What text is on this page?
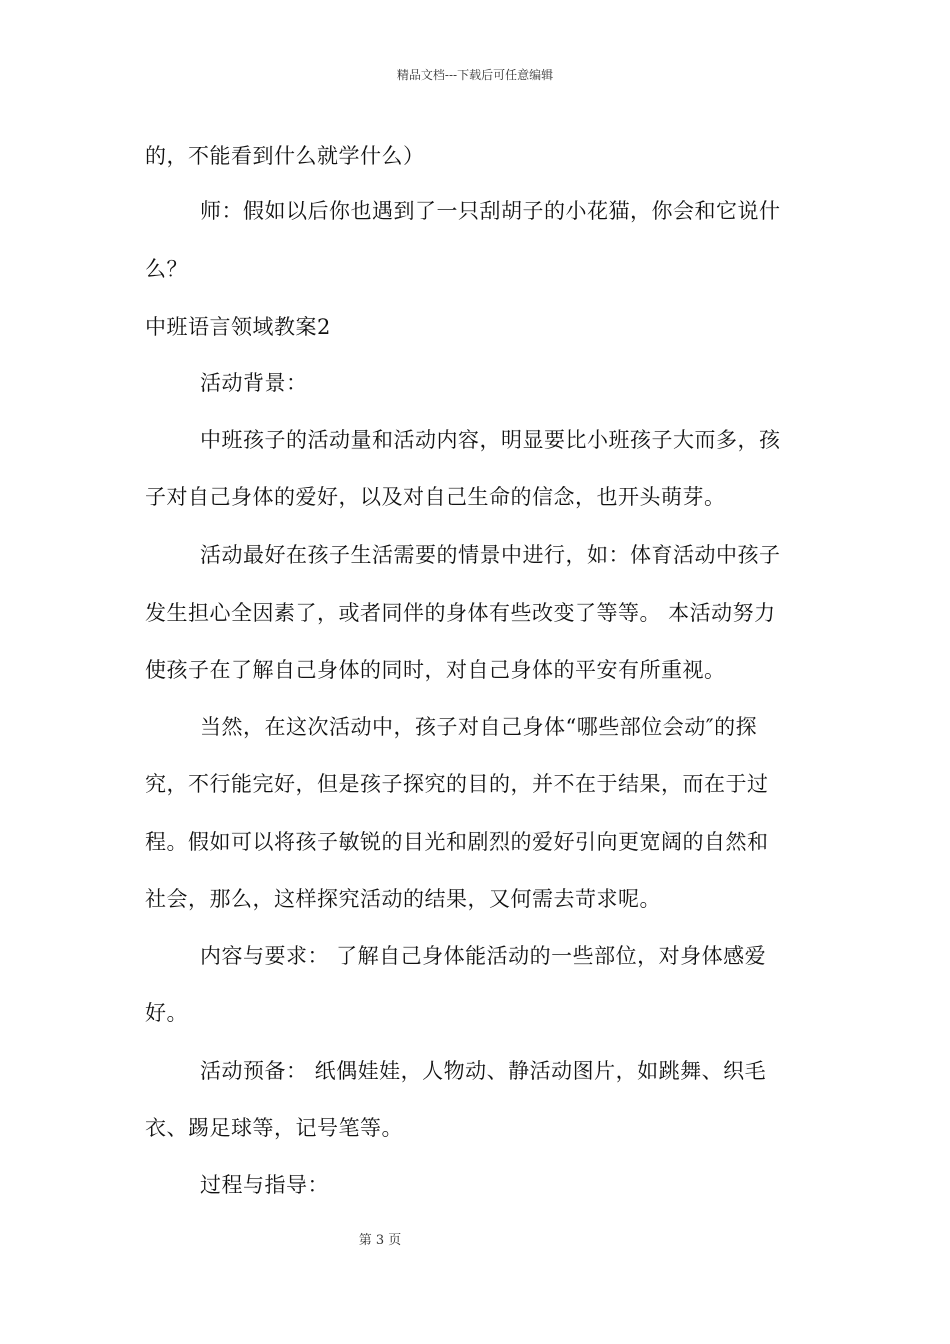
精品文档---下载后可任意编辑
的，不能看到什么就学什么）
师：假如以后你也遇到了一只刮胡子的小花猫，你会和它说什
么？
中班语言领域教案2
活动背景：
中班孩子的活动量和活动内容，明显要比小班孩子大而多，孩
子对自己身体的爱好，以及对自己生命的信念，也开头萌芽。
活动最好在孩子生活需要的情景中进行，如：体育活动中孩子
发生担心全因素了，或者同伴的身体有些改变了等等。 本活动努力
使孩子在了解自己身体的同时，对自己身体的平安有所重视。
当然，在这次活动中，孩子对自己身体“哪些部位会动″的探
究，不行能完好，但是孩子探究的目的，并不在于结果，而在于过
程。假如可以将孩子敏锐的目光和剧烈的爱好引向更宽阔的自然和
社会，那么，这样探究活动的结果，又何需去苛求呢。
内容与要求： 了解自己身体能活动的一些部位，对身体感爱
好。
活动预备： 纸偶娃娃，人物动、静活动图片，如跳舞、织毛
衣、踢足球等，记号笔等。
过程与指导：
第 3 页
